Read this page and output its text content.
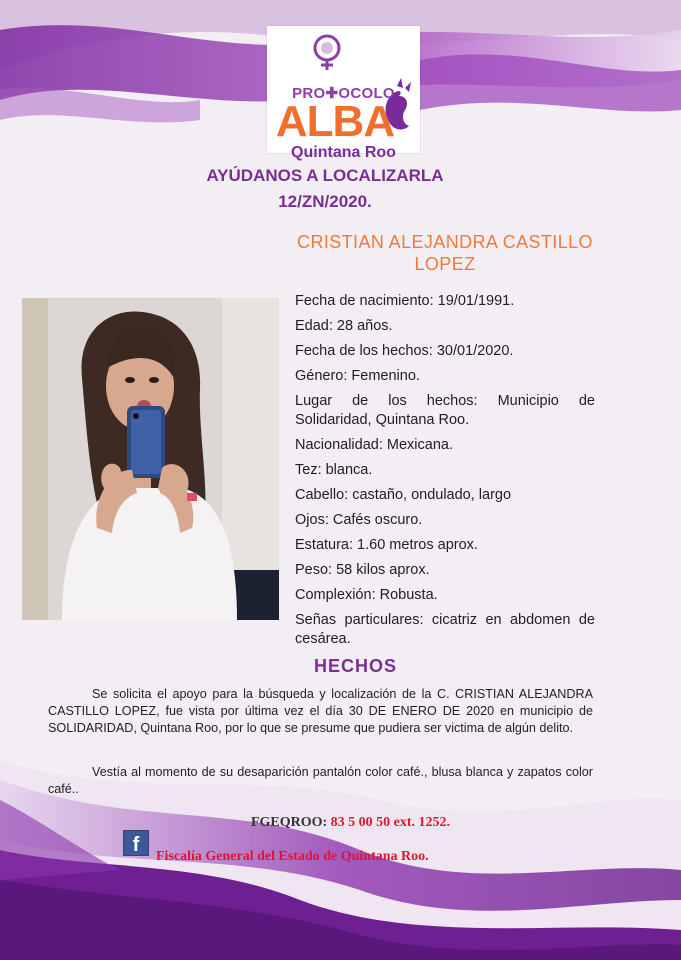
PRO✚OCOLO
ALBA
Quintana Roo
AYÚDANOS A LOCALIZARLA
12/ZN/2020.
CRISTIAN ALEJANDRA CASTILLO
LOPEZ
Fecha de nacimiento: 19/01/1991.
Edad: 28 años.
Fecha de los hechos: 30/01/2020.
Género: Femenino.
Lugar de los hechos: Municipio de Solidaridad, Quintana Roo.
Nacionalidad: Mexicana.
Tez: blanca.
Cabello: castaño, ondulado, largo
Ojos: Cafés oscuro.
Estatura: 1.60 metros aprox.
Peso: 58 kilos aprox.
Complexión: Robusta.
Señas particulares: cicatriz en abdomen de cesárea.
HECHOS
Se solicita el apoyo para la búsqueda y localización de la C. CRISTIAN ALEJANDRA CASTILLO LOPEZ, fue vista por última vez el día 30 DE ENERO DE 2020 en municipio de SOLIDARIDAD, Quintana Roo, por lo que se presume que pudiera ser victima de algún delito.
Vestía al momento de su desaparición pantalón color café., blusa blanca y zapatos color café..
FGEQROO: 83 5 00 50 ext. 1252.
f
Fiscalía General del Estado de Quintana Roo.
